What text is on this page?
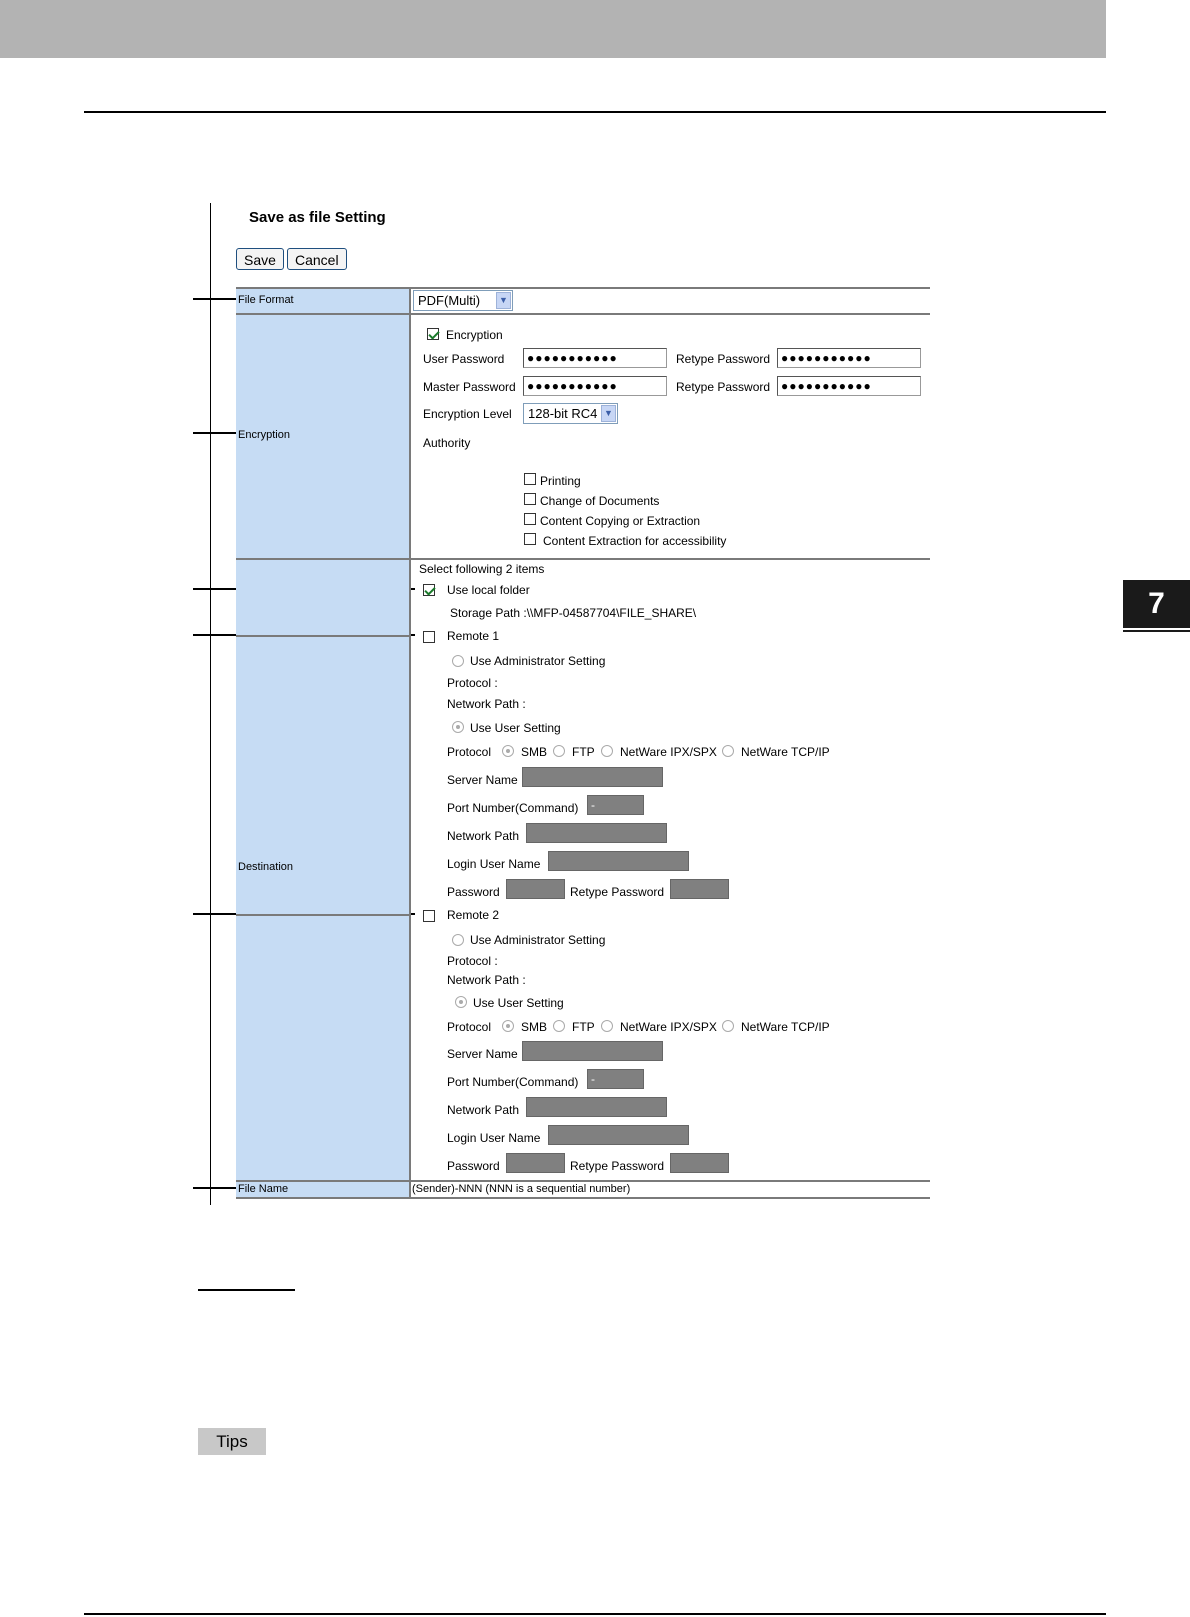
7
Save as file Setting
Save	Cancel
File Format	PDF(Multi)	▼
Encryption
Encryption
User Password	●●●●●●●●●●●	Retype Password ●●●●●●●●●●●
Master Password ●●●●●●●●●●●	Retype Password ●●●●●●●●●●●
Encryption Level	128-bit RC4 ▼
Authority
Printing
Change of Documents
Content Copying or Extraction
Content Extraction for accessibility
Destination
Select following 2 items
Use local folder
Storage Path :\\MFP-04587704\FILE_SHARE\
Remote 1
Use Administrator Setting
Protocol :
Network Path :
Use User Setting
Protocol SMB FTP NetWare IPX/SPX NetWare TCP/IP
Server Name
Port Number(Command)	-
Network Path
Login User Name
Password	Retype Password
Remote 2
Use Administrator Setting
Protocol :
Network Path :
Use User Setting
Protocol SMB FTP NetWare IPX/SPX NetWare TCP/IP
Server Name
Port Number(Command)	-
Network Path
Login User Name
Password	Retype Password
File Name	(Sender)-NNN (NNN is a sequential number)
Tips
